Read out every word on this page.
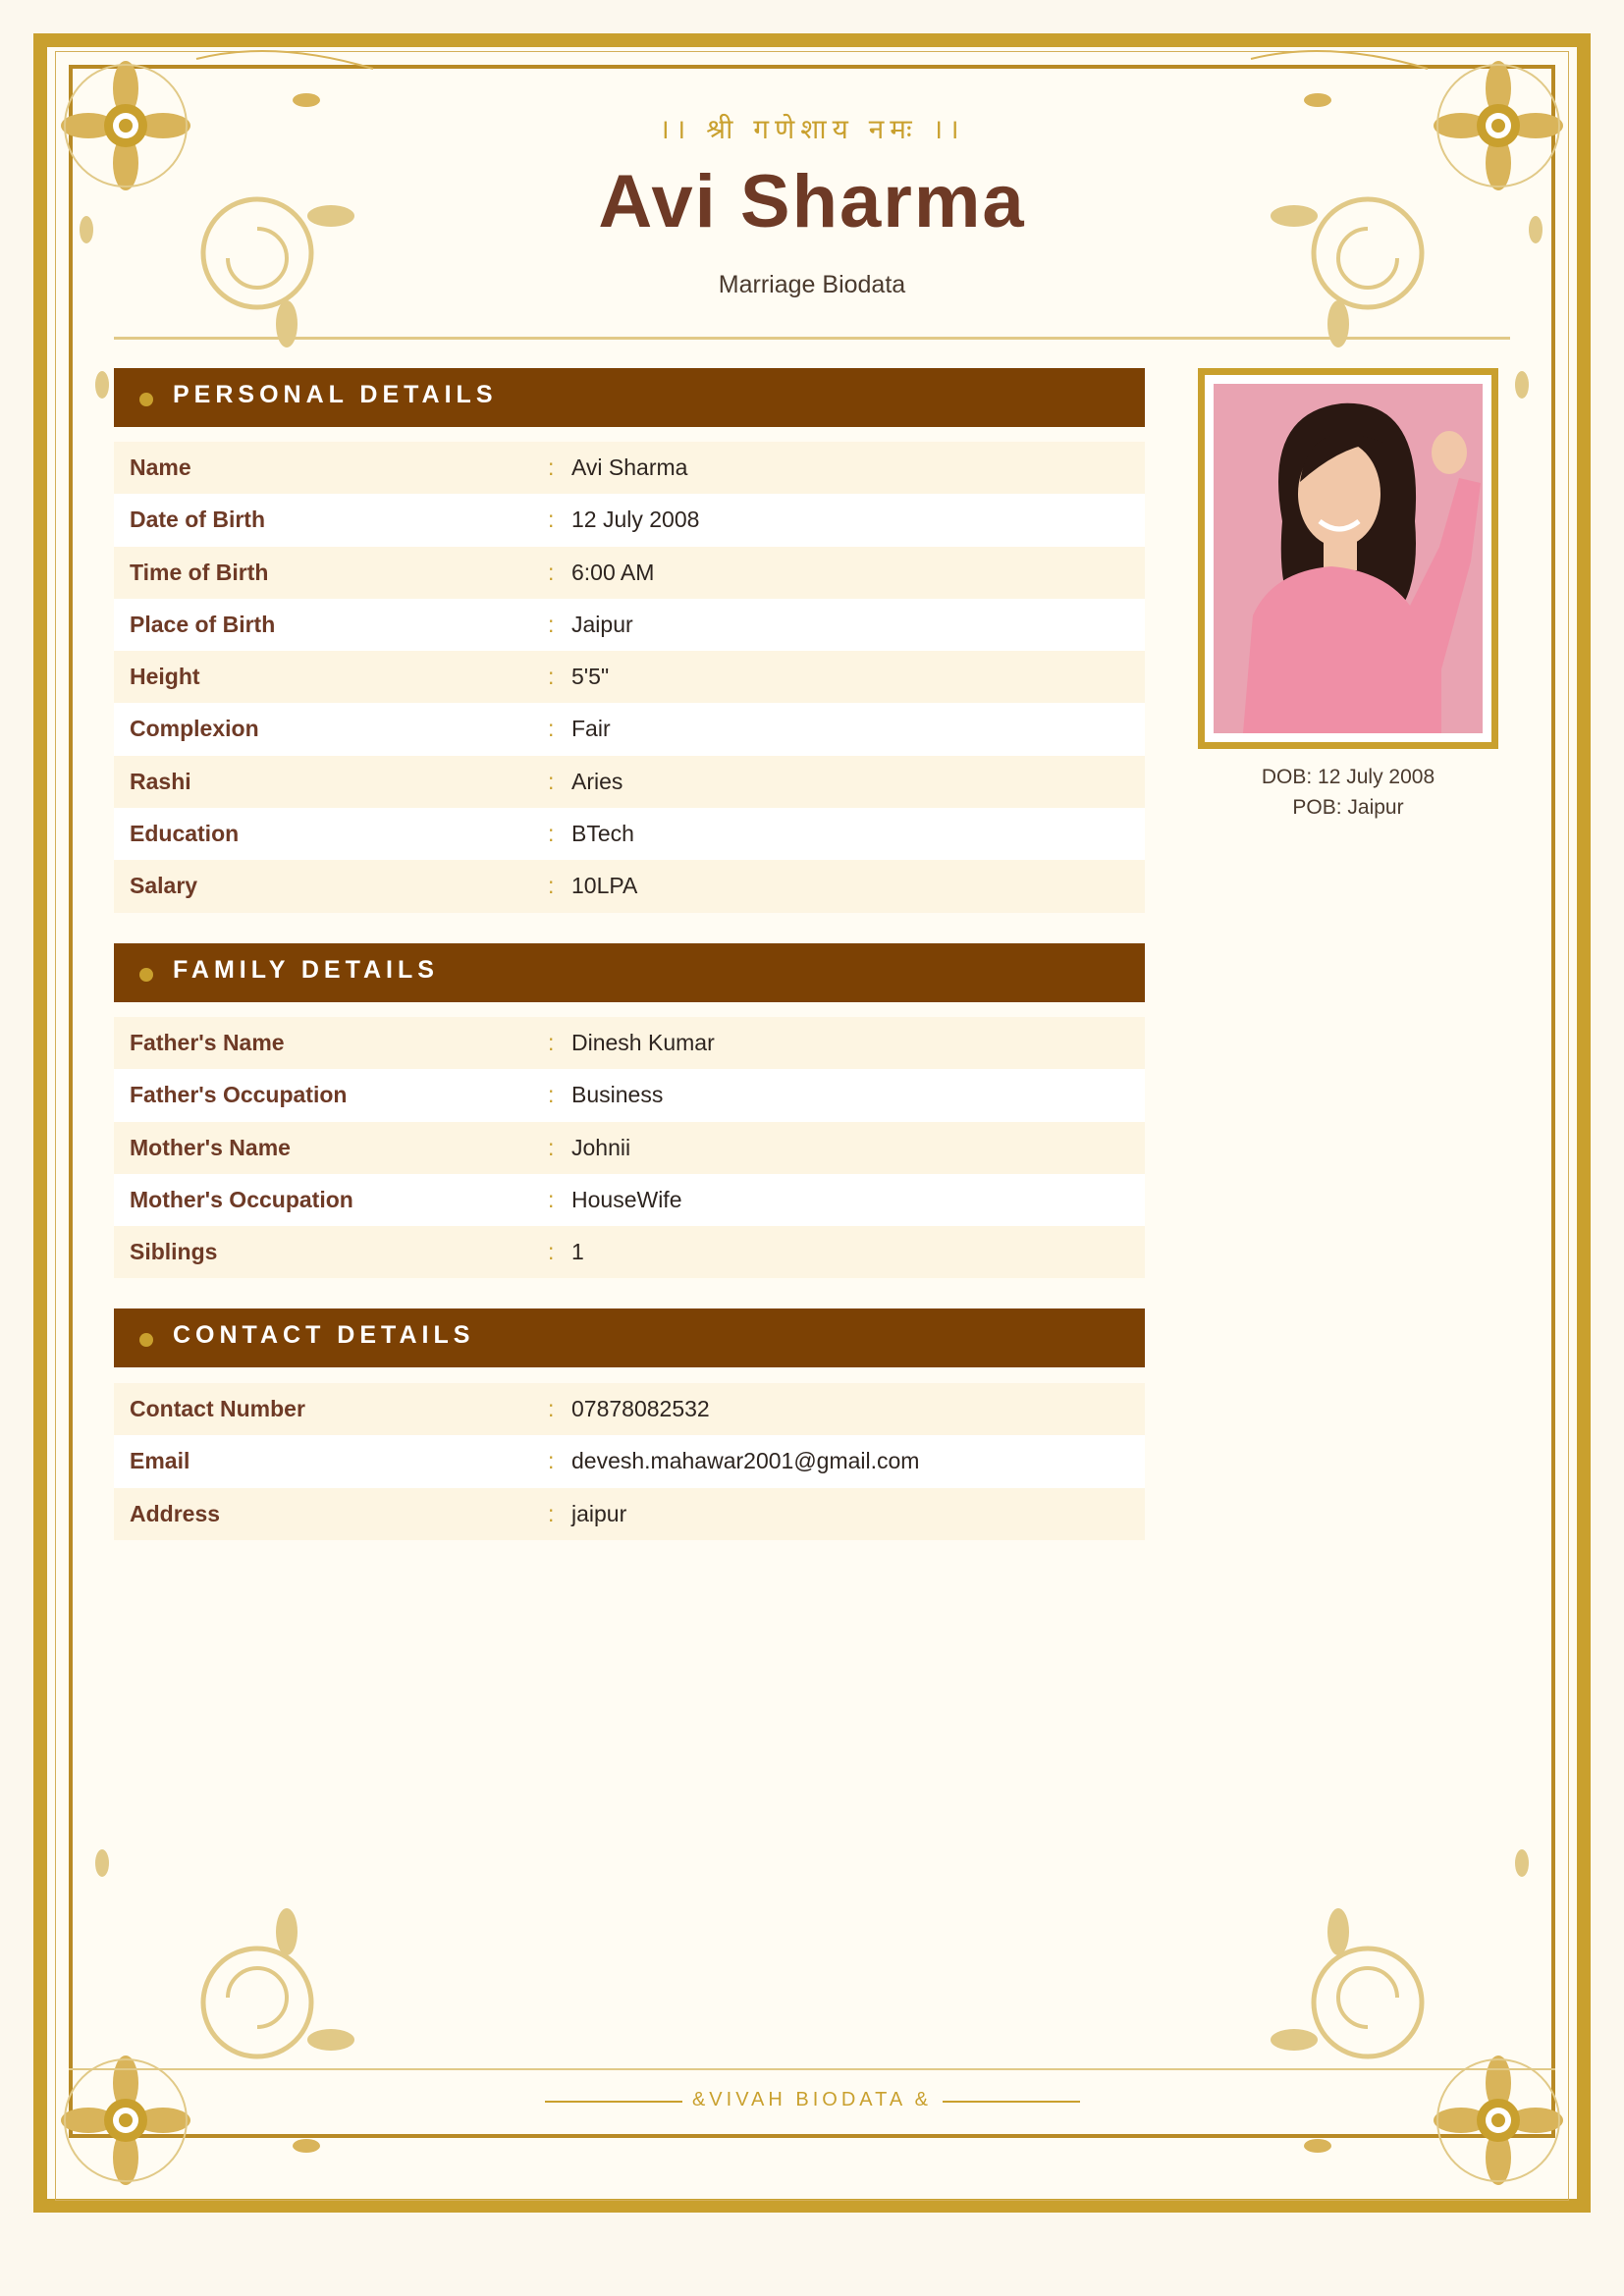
।। श्री गणेशाय नमः ।।
Avi Sharma
Marriage Biodata
PERSONAL DETAILS
Name	: Avi Sharma
Date of Birth	: 12 July 2008
Time of Birth	: 6:00 AM
Place of Birth	: Jaipur
Height	: 5'5"
Complexion	: Fair
Rashi	: Aries
Education	: BTech
Salary	: 10LPA
FAMILY DETAILS
Father's Name	: Dinesh Kumar
Father's Occupation	: Business
Mother's Name	: Johnii
Mother's Occupation	: HouseWife
Siblings	: 1
CONTACT DETAILS
Contact Number	: 07878082532
Email	: devesh.mahawar2001@gmail.com
Address	: jaipur
DOB: 12 July 2008
POB: Jaipur
&VIVAH BIODATA &
